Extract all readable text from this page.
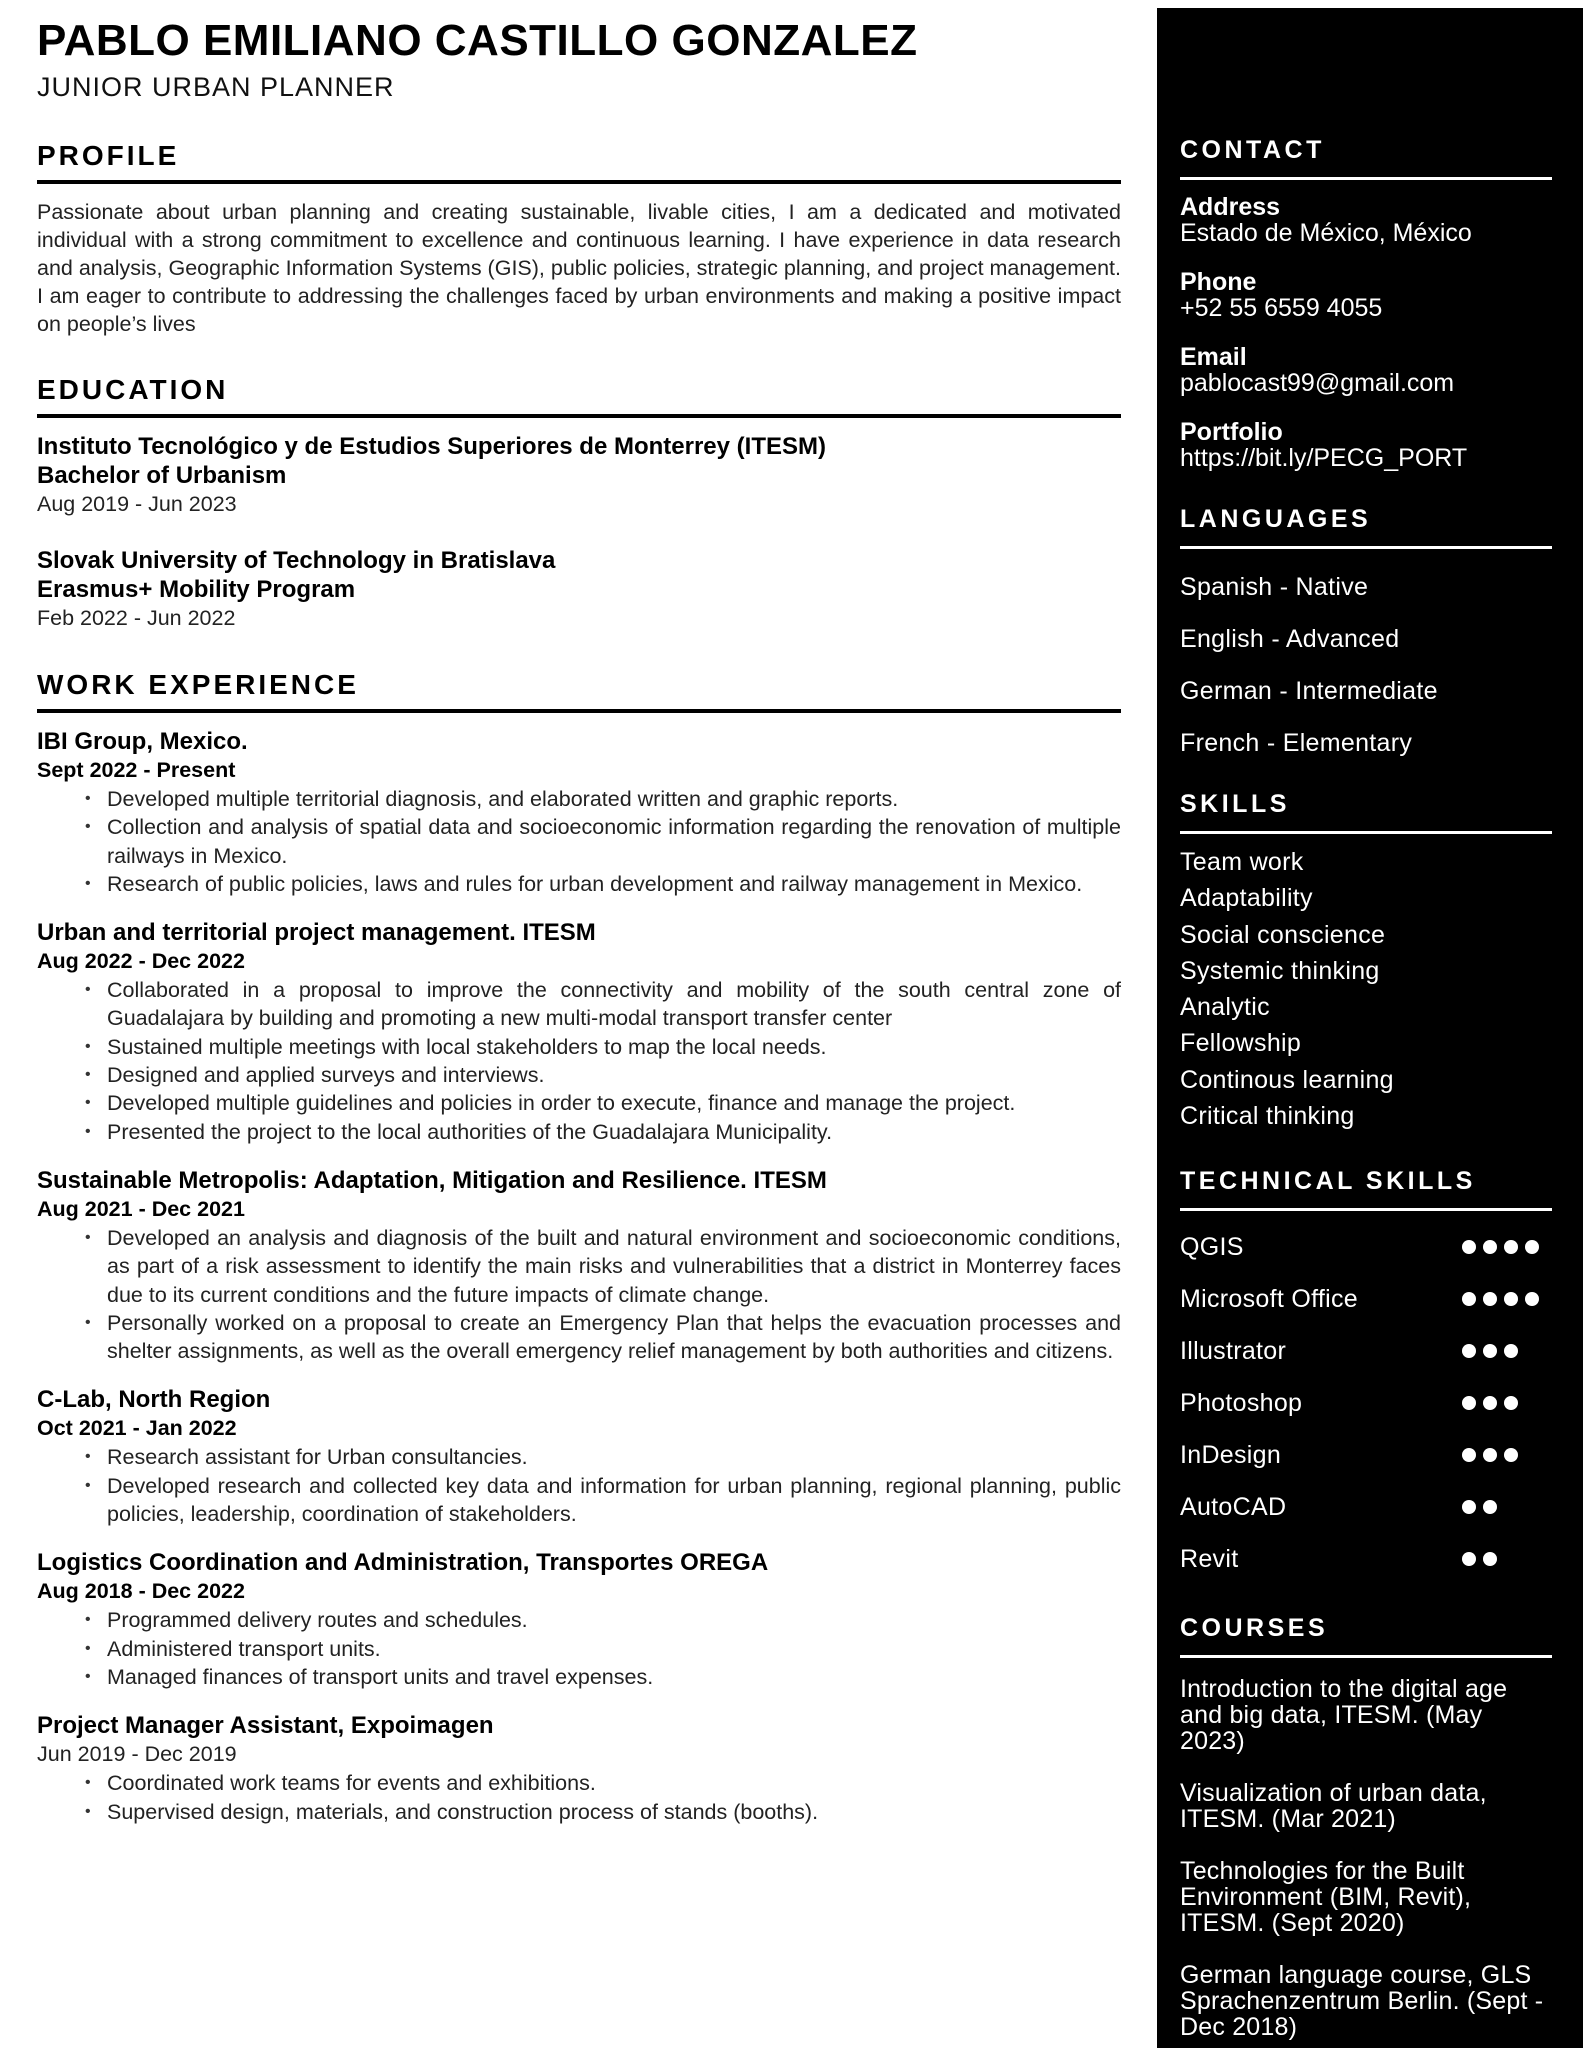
PABLO EMILIANO CASTILLO GONZALEZ
JUNIOR URBAN PLANNER
PROFILE
Passionate about urban planning and creating sustainable, livable cities, I am a dedicated and motivated individual with a strong commitment to excellence and continuous learning. I have experience in data research and analysis, Geographic Information Systems (GIS), public policies, strategic planning, and project management. I am eager to contribute to addressing the challenges faced by urban environments and making a positive impact on people’s lives
EDUCATION
Instituto Tecnológico y de Estudios Superiores de Monterrey (ITESM)
Bachelor of Urbanism
Aug 2019 - Jun 2023
Slovak University of Technology in Bratislava
Erasmus+ Mobility Program
Feb 2022 - Jun 2022
WORK EXPERIENCE
IBI Group, Mexico.
Sept 2022 - Present
• Developed multiple territorial diagnosis, and elaborated written and graphic reports.
• Collection and analysis of spatial data and socioeconomic information regarding the renovation of multiple railways in Mexico.
• Research of public policies, laws and rules for urban development and railway management in Mexico.
Urban and territorial project management. ITESM
Aug 2022 - Dec 2022
• Collaborated in a proposal to improve the connectivity and mobility of the south central zone of Guadalajara by building and promoting a new multi-modal transport transfer center
• Sustained multiple meetings with local stakeholders to map the local needs.
• Designed and applied surveys and interviews.
• Developed multiple guidelines and policies in order to execute, finance and manage the project.
• Presented the project to the local authorities of the Guadalajara Municipality.
Sustainable Metropolis: Adaptation, Mitigation and Resilience. ITESM
Aug 2021 - Dec 2021
• Developed an analysis and diagnosis of the built and natural environment and socioeconomic conditions, as part of a risk assessment to identify the main risks and vulnerabilities that a district in Monterrey faces due to its current conditions and the future impacts of climate change.
• Personally worked on a proposal to create an Emergency Plan that helps the evacuation processes and shelter assignments, as well as the overall emergency relief management by both authorities and citizens.
C-Lab, North Region
Oct 2021 - Jan 2022
• Research assistant for Urban consultancies.
• Developed research and collected key data and information for urban planning, regional planning, public policies, leadership, coordination of stakeholders.
Logistics Coordination and Administration, Transportes OREGA
Aug 2018 - Dec 2022
• Programmed delivery routes and schedules.
• Administered transport units.
• Managed finances of transport units and travel expenses.
Project Manager Assistant, Expoimagen
Jun 2019 - Dec 2019
• Coordinated work teams for events and exhibitions.
• Supervised design, materials, and construction process of stands (booths).
CONTACT
Address
Estado de México, México
Phone
+52 55 6559 4055
Email
pablocast99@gmail.com
Portfolio
https://bit.ly/PECG_PORT
LANGUAGES
Spanish - Native
English - Advanced
German - Intermediate
French - Elementary
SKILLS
Team work
Adaptability
Social conscience
Systemic thinking
Analytic
Fellowship
Continous learning
Critical thinking
TECHNICAL SKILLS
QGIS
Microsoft Office
Illustrator
Photoshop
InDesign
AutoCAD
Revit
COURSES
Introduction to the digital age and big data, ITESM. (May 2023)
Visualization of urban data, ITESM. (Mar 2021)
Technologies for the Built Environment (BIM, Revit), ITESM. (Sept 2020)
German language course, GLS Sprachenzentrum Berlin. (Sept - Dec 2018)
